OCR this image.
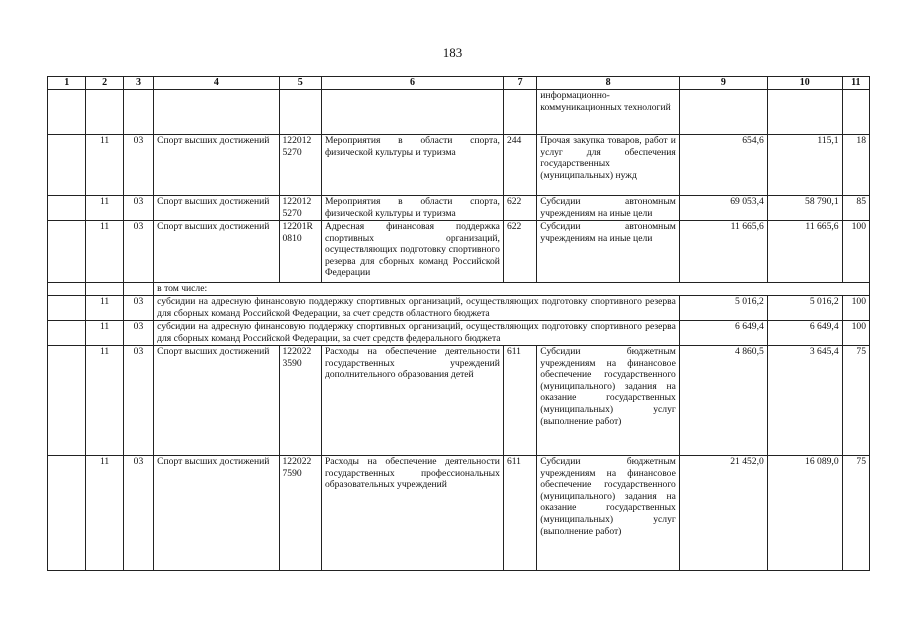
183
1	2	3	4	5	6	7	8	9	10	11
							информационно-коммуникационных технологий			
	11	03	Спорт высших достижений	122012 5270	Мероприятия в области спорта, физической культуры и туризма	244	Прочая закупка товаров, работ и услуг для обеспечения государственных (муниципальных) нужд	654,6	115,1	18
	11	03	Спорт высших достижений	122012 5270	Мероприятия в области спорта, физической культуры и туризма	622	Субсидии автономным учреждениям на иные цели	69 053,4	58 790,1	85
	11	03	Спорт высших достижений	12201R 0810	Адресная финансовая поддержка спортивных организаций, осуществляющих подготовку спортивного резерва для сборных команд Российской Федерации	622	Субсидии автономным учреждениям на иные цели	11 665,6	11 665,6	100
			в том числе:							
	11	03	субсидии на адресную финансовую поддержку спортивных организаций, осуществляющих подготовку спортивного резерва для сборных команд Российской Федерации, за счет средств областного бюджета					5 016,2	5 016,2	100
	11	03	субсидии на адресную финансовую поддержку спортивных организаций, осуществляющих подготовку спортивного резерва для сборных команд Российской Федерации, за счет средств федерального бюджета					6 649,4	6 649,4	100
	11	03	Спорт высших достижений	122022 3590	Расходы на обеспечение деятельности государственных учреждений дополнительного образования детей	611	Субсидии бюджетным учреждениям на финансовое обеспечение государственного (муниципального) задания на оказание государственных (муниципальных) услуг (выполнение работ)	4 860,5	3 645,4	75
	11	03	Спорт высших достижений	122022 7590	Расходы на обеспечение деятельности государственных профессиональных образовательных учреждений	611	Субсидии бюджетным учреждениям на финансовое обеспечение государственного (муниципального) задания на оказание государственных (муниципальных) услуг (выполнение работ)	21 452,0	16 089,0	75
